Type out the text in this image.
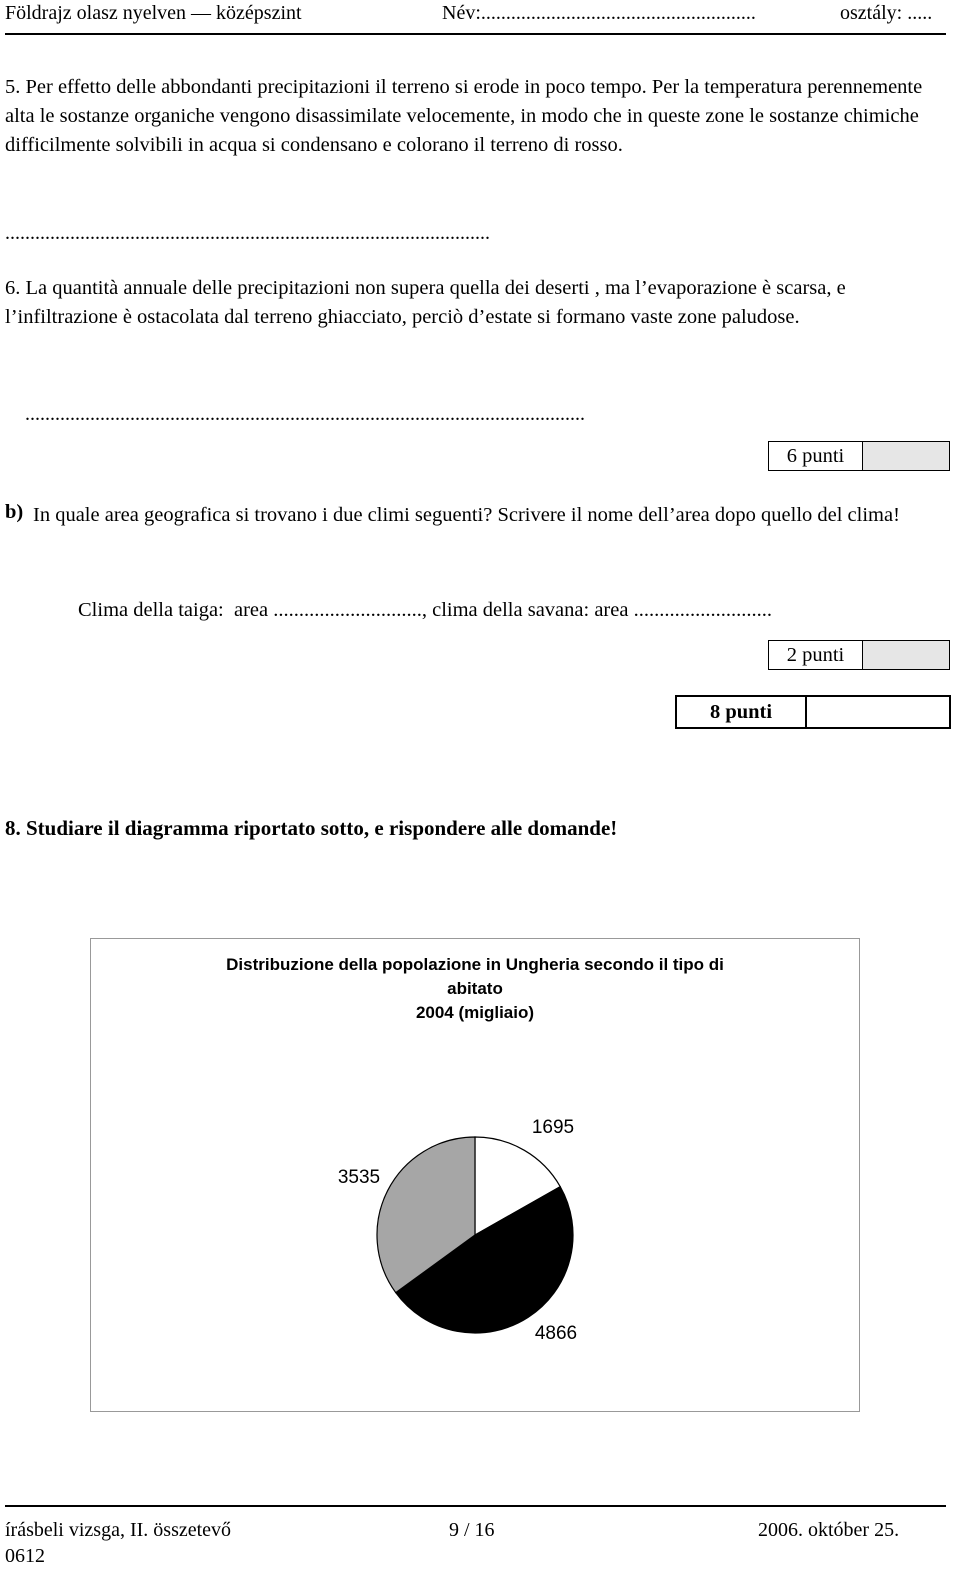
Földrajz olasz nyelven — középszint	Név:.......................................................	osztály: .....
5. Per effetto delle abbondanti precipitazioni il terreno si erode in poco tempo. Per la temperatura perennemente alta le sostanze organiche vengono disassimilate velocemente, in modo che in queste zone le sostanze chimiche difficilmente solvibili in acqua si condensano e colorano il terreno di rosso.
.................................................................................................
6. La quantità annuale delle precipitazioni non supera quella dei deserti , ma l’evaporazione è scarsa, e l’infiltrazione è ostacolata dal terreno ghiacciato, perciò d’estate si formano vaste zone paludose.
................................................................................................................
6 punti
b) In quale area geografica si trovano i due climi seguenti? Scrivere il nome dell’area dopo quello del clima!
Clima della taiga:  area ............................., clima della savana: area ...........................
2 punti
8 punti
8. Studiare il diagramma riportato sotto, e rispondere alle domande!
Distribuzione della popolazione in Ungheria secondo il tipo di
abitato
2004 (migliaio)
1695
4866
3535
írásbeli vizsga, II. összetevő
0612
9 / 16	2006. október 25.
